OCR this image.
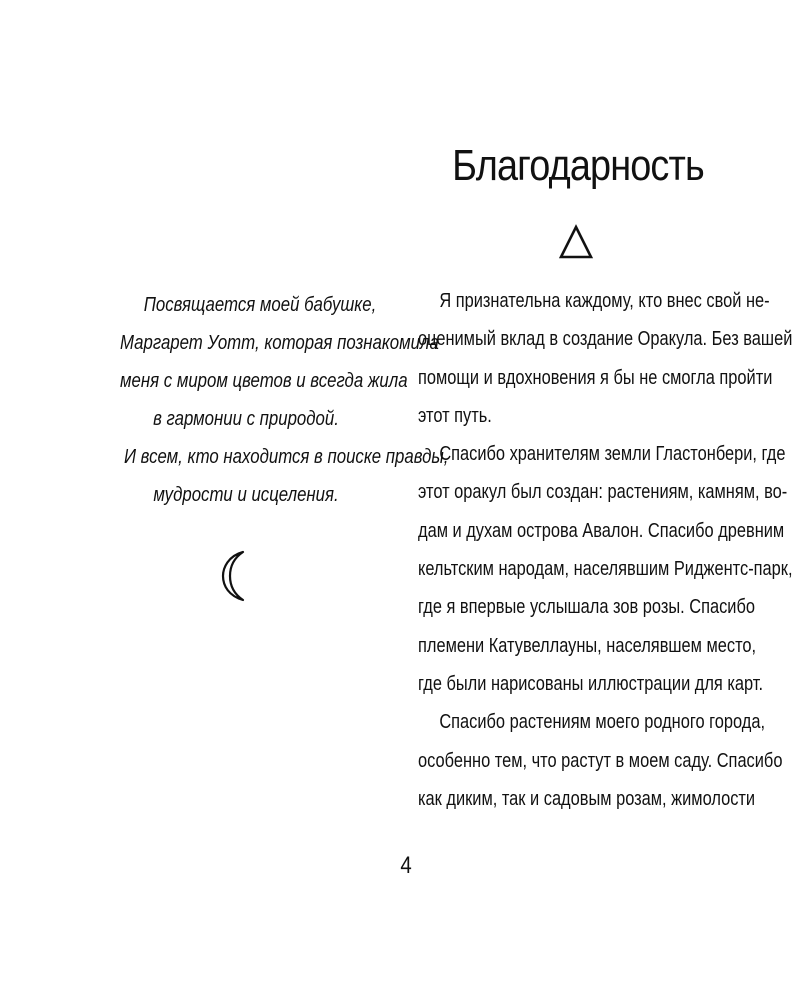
Благодарность
Посвящается моей бабушке,
Маргарет Уотт, которая познакомила
меня с миром цветов и всегда жила
в гармонии с природой.
И всем, кто находится в поиске правды,
мудрости и исцеления.
Я признательна каждому, кто внес свой не-
оценимый вклад в создание Оракула. Без вашей
помощи и вдохновения я бы не смогла пройти
этот путь.
Спасибо хранителям земли Гластонбери, где
этот оракул был создан: растениям, камням, во-
дам и духам острова Авалон. Спасибо древним
кельтским народам, населявшим Риджентс-парк,
где я впервые услышала зов розы. Спасибо
племени Катувеллауны, населявшем место,
где были нарисованы иллюстрации для карт.
Спасибо растениям моего родного города,
особенно тем, что растут в моем саду. Спасибо
как диким, так и садовым розам, жимолости
4
